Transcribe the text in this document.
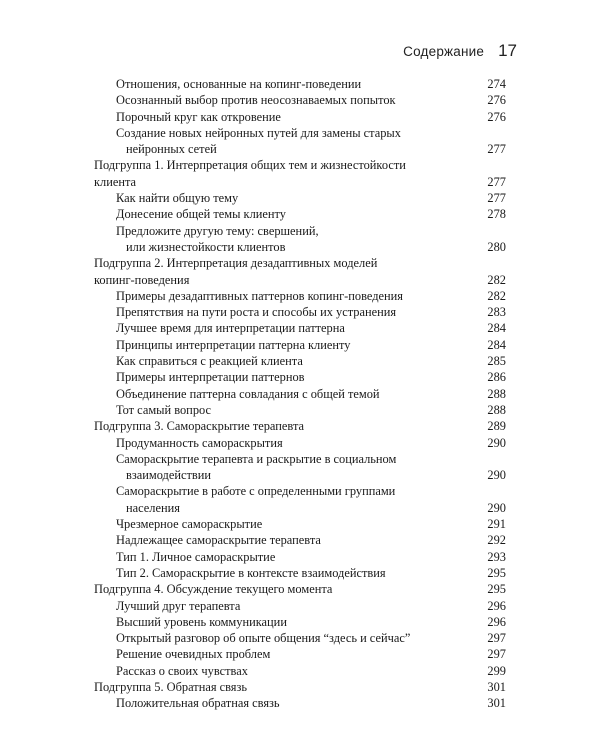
Содержание 17
Отношения, основанные на копинг-поведении	274
Осознанный выбор против неосознаваемых попыток	276
Порочный круг как откровение	276
Создание новых нейронных путей для замены старых
нейронных сетей	277
Подгруппа 1. Интерпретация общих тем и жизнестойкости
клиента	277
Как найти общую тему	277
Донесение общей темы клиенту	278
Предложите другую тему: свершений,
или жизнестойкости клиентов	280
Подгруппа 2. Интерпретация дезадаптивных моделей
копинг-поведения	282
Примеры дезадаптивных паттернов копинг-поведения	282
Препятствия на пути роста и способы их устранения	283
Лучшее время для интерпретации паттерна	284
Принципы интерпретации паттерна клиенту	284
Как справиться с реакцией клиента	285
Примеры интерпретации паттернов	286
Объединение паттерна совладания с общей темой	288
Тот самый вопрос	288
Подгруппа 3. Самораскрытие терапевта	289
Продуманность самораскрытия	290
Самораскрытие терапевта и раскрытие в социальном
взаимодействии	290
Самораскрытие в работе с определенными группами
населения	290
Чрезмерное самораскрытие	291
Надлежащее самораскрытие терапевта	292
Тип 1. Личное самораскрытие	293
Тип 2. Самораскрытие в контексте взаимодействия	295
Подгруппа 4. Обсуждение текущего момента	295
Лучший друг терапевта	296
Высший уровень коммуникации	296
Открытый разговор об опыте общения “здесь и сейчас”	297
Решение очевидных проблем	297
Рассказ о своих чувствах	299
Подгруппа 5. Обратная связь	301
Положительная обратная связь	301
